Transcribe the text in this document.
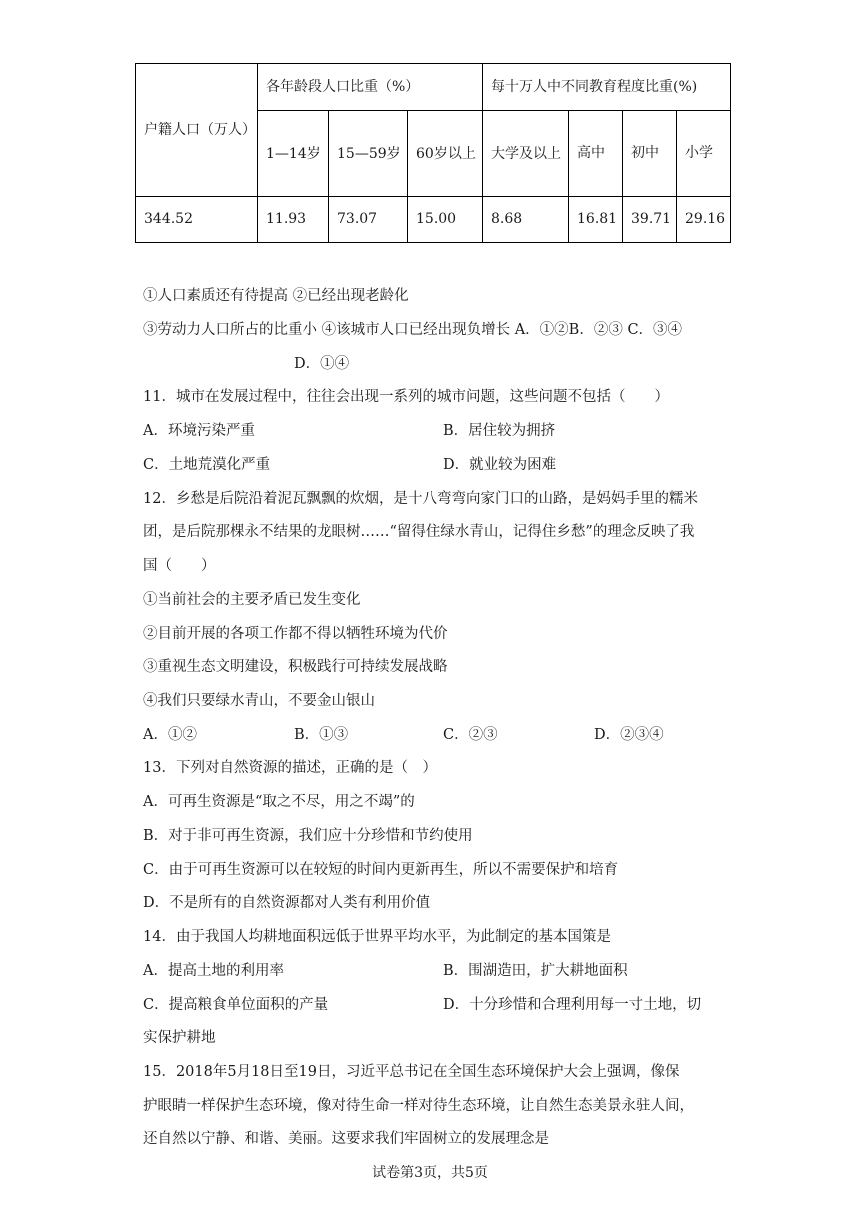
户籍人口（万人）	各年龄段人口比重（%）			每十万人中不同教育程度比重(%)			
	1—14岁	15—59岁	60岁以上	大学及以上	高中	初中	小学
344.52	11.93	73.07	15.00	8.68	16.81	39.71	29.16
①人口素质还有待提高 ②已经出现老龄化
③劳动力人口所占的比重小 ④该城市人口已经出现负增长 A．①②B．②③ C．③④
D．①④
11．城市在发展过程中，往往会出现一系列的城市问题，这些问题不包括（　　）
A．环境污染严重	B．居住较为拥挤
C．土地荒漠化严重	D．就业较为困难
12．乡愁是后院沿着泥瓦飘飘的炊烟，是十八弯弯向家门口的山路，是妈妈手里的糯米
团，是后院那棵永不结果的龙眼树……“留得住绿水青山，记得住乡愁”的理念反映了我
国（　　）
①当前社会的主要矛盾已发生变化
②目前开展的各项工作都不得以牺牲环境为代价
③重视生态文明建设，积极践行可持续发展战略
④我们只要绿水青山，不要金山银山
A．①②	B．①③	C．②③	D．②③④
13．下列对自然资源的描述，正确的是（　）
A．可再生资源是“取之不尽，用之不竭”的
B．对于非可再生资源，我们应十分珍惜和节约使用
C．由于可再生资源可以在较短的时间内更新再生，所以不需要保护和培育
D．不是所有的自然资源都对人类有利用价值
14．由于我国人均耕地面积远低于世界平均水平，为此制定的基本国策是
A．提高土地的利用率	B．围湖造田，扩大耕地面积
C．提高粮食单位面积的产量	D．十分珍惜和合理利用每一寸土地，切
实保护耕地
15．2018年5月18日至19日，习近平总书记在全国生态环境保护大会上强调，像保
护眼睛一样保护生态环境，像对待生命一样对待生态环境，让自然生态美景永驻人间，
还自然以宁静、和谐、美丽。这要求我们牢固树立的发展理念是
试卷第3页，共5页
